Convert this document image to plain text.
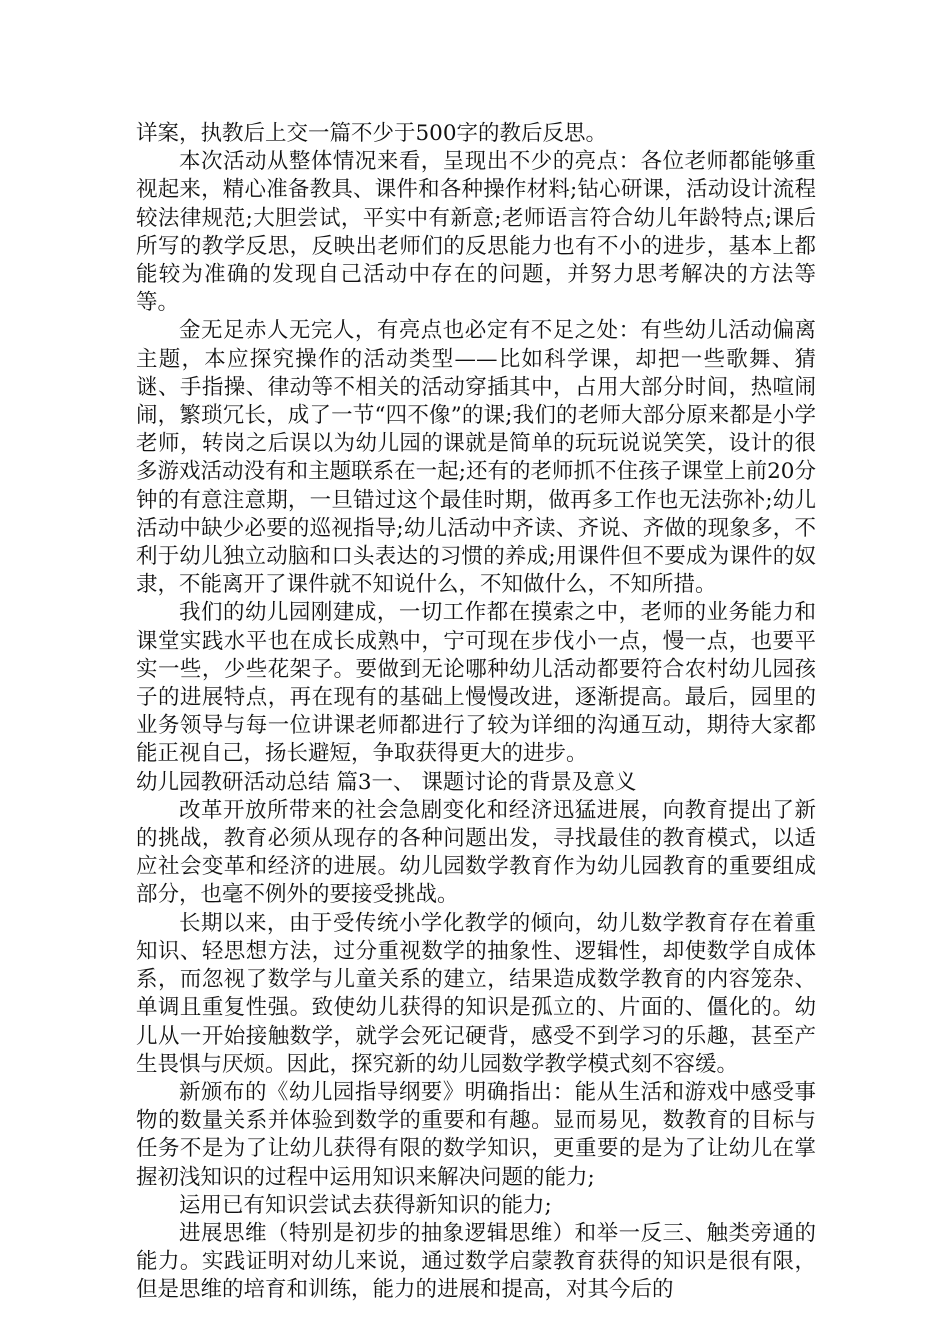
详案，执教后上交一篇不少于500字的教后反思。

本次活动从整体情况来看，呈现出不少的亮点：各位老师都能够重视起来，精心准备教具、课件和各种操作材料;钻心研课，活动设计流程较法律规范;大胆尝试，平实中有新意;老师语言符合幼儿年龄特点;课后所写的教学反思，反映出老师们的反思能力也有不小的进步，基本上都能较为准确的发现自己活动中存在的问题，并努力思考解决的方法等等。

金无足赤人无完人，有亮点也必定有不足之处：有些幼儿活动偏离主题，本应探究操作的活动类型——比如科学课，却把一些歌舞、猜谜、手指操、律动等不相关的活动穿插其中，占用大部分时间，热喧闹闹，繁琐冗长，成了一节“四不像”的课;我们的老师大部分原来都是小学老师，转岗之后误以为幼儿园的课就是简单的玩玩说说笑笑，设计的很多游戏活动没有和主题联系在一起;还有的老师抓不住孩子课堂上前20分钟的有意注意期，一旦错过这个最佳时期，做再多工作也无法弥补;幼儿活动中缺少必要的巡视指导;幼儿活动中齐读、齐说、齐做的现象多，不利于幼儿独立动脑和口头表达的习惯的养成;用课件但不要成为课件的奴隶，不能离开了课件就不知说什么，不知做什么，不知所措。

我们的幼儿园刚建成，一切工作都在摸索之中，老师的业务能力和课堂实践水平也在成长成熟中，宁可现在步伐小一点，慢一点，也要平实一些，少些花架子。要做到无论哪种幼儿活动都要符合农村幼儿园孩子的进展特点，再在现有的基础上慢慢改进，逐渐提高。最后，园里的业务领导与每一位讲课老师都进行了较为详细的沟通互动，期待大家都能正视自己，扬长避短，争取获得更大的进步。

幼儿园教研活动总结 篇3一、 课题讨论的背景及意义

改革开放所带来的社会急剧变化和经济迅猛进展，向教育提出了新的挑战，教育必须从现存的各种问题出发，寻找最佳的教育模式，以适应社会变革和经济的进展。幼儿园数学教育作为幼儿园教育的重要组成部分，也毫不例外的要接受挑战。

长期以来，由于受传统小学化教学的倾向，幼儿数学教育存在着重知识、轻思想方法，过分重视数学的抽象性、逻辑性，却使数学自成体系，而忽视了数学与儿童关系的建立，结果造成数学教育的内容笼杂、单调且重复性强。致使幼儿获得的知识是孤立的、片面的、僵化的。幼儿从一开始接触数学，就学会死记硬背，感受不到学习的乐趣，甚至产生畏惧与厌烦。因此，探究新的幼儿园数学教学模式刻不容缓。

新颁布的《幼儿园指导纲要》明确指出：能从生活和游戏中感受事物的数量关系并体验到数学的重要和有趣。显而易见，数教育的目标与任务不是为了让幼儿获得有限的数学知识，更重要的是为了让幼儿在掌握初浅知识的过程中运用知识来解决问题的能力;

运用已有知识尝试去获得新知识的能力;

进展思维（特别是初步的抽象逻辑思维）和举一反三、触类旁通的能力。实践证明对幼儿来说，通过数学启蒙教育获得的知识是很有限，但是思维的培育和训练，能力的进展和提高，对其今后的
